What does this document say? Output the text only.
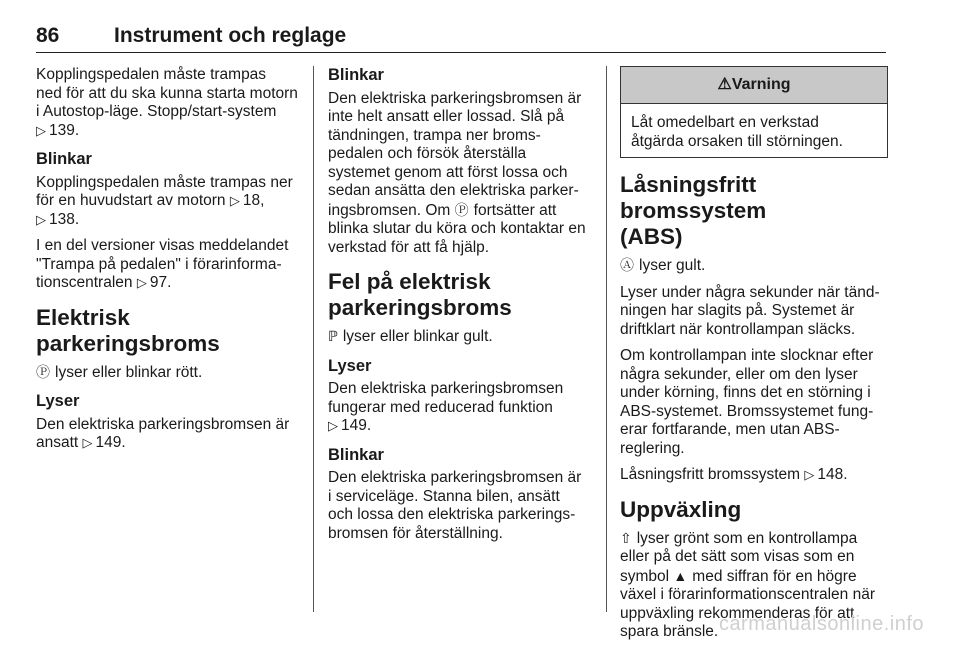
86	Instrument och reglage

Kopplingspedalen måste trampas
ned för att du ska kunna starta motorn
i Autostop-läge. Stopp/start-system
▷ 139.

Blinkar

Kopplingspedalen måste trampas ner
för en huvudstart av motorn ▷ 18,
▷ 138.

I en del versioner visas meddelandet
"Trampa på pedalen" i förarinforma-
tionscentralen ▷ 97.

Elektrisk parkeringsbroms

Ⓟ lyser eller blinkar rött.

Lyser

Den elektriska parkeringsbromsen är
ansatt ▷ 149.

Blinkar

Den elektriska parkeringsbromsen är
inte helt ansatt eller lossad. Slå på
tändningen, trampa ner broms-
pedalen och försök återställa
systemet genom att först lossa och
sedan ansätta den elektriska parker-
ingsbromsen. Om Ⓟ fortsätter att
blinka slutar du köra och kontaktar en
verkstad för att få hjälp.

Fel på elektrisk
parkeringsbroms

ℙ lyser eller blinkar gult.

Lyser

Den elektriska parkeringsbromsen
fungerar med reducerad funktion
▷ 149.

Blinkar

Den elektriska parkeringsbromsen är
i serviceläge. Stanna bilen, ansätt
och lossa den elektriska parkerings-
bromsen för återställning.

⚠Varning
Låt omedelbart en verkstad
åtgärda orsaken till störningen.
Låsningsfritt bromssystem
(ABS)

Ⓐ lyser gult.

Lyser under några sekunder när tänd-
ningen har slagits på. Systemet är
driftklart när kontrollampan släcks.

Om kontrollampan inte slocknar efter
några sekunder, eller om den lyser
under körning, finns det en störning i
ABS-systemet. Bromssystemet fung-
erar fortfarande, men utan ABS-
reglering.

Låsningsfritt bromssystem ▷ 148.

Uppväxling

⇧ lyser grönt som en kontrollampa
eller på det sätt som visas som en
symbol ▲ med siffran för en högre
växel i förarinformationscentralen när
uppväxling rekommenderas för att
spara bränsle. carmanualsonline.info
